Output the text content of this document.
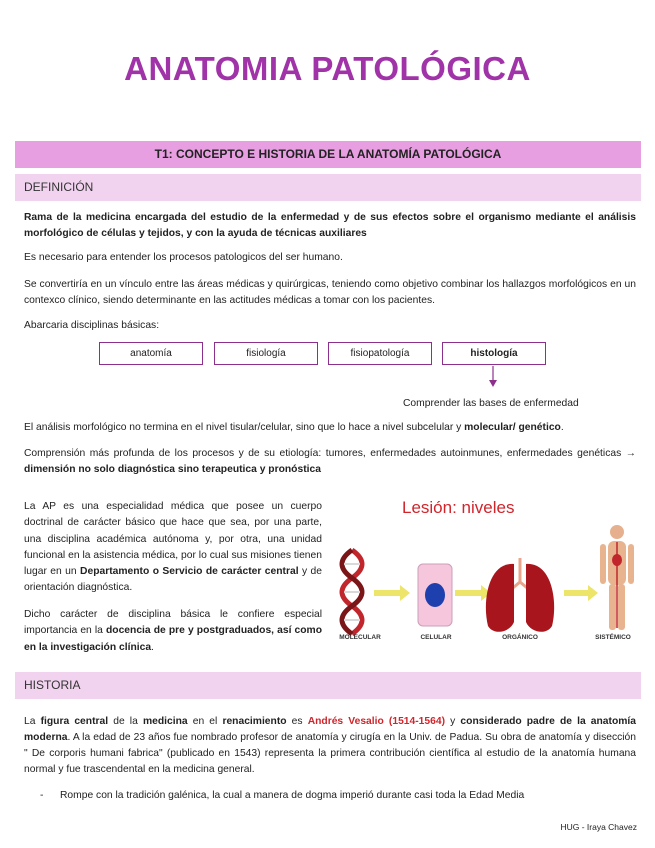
ANATOMIA PATOLÓGICA
T1: CONCEPTO E HISTORIA DE LA ANATOMÍA PATOLÓGICA
DEFINICIÓN

Rama de la medicina encargada del estudio de la enfermedad y de sus efectos sobre el organismo mediante el análisis morfológico de células y tejidos, y con la ayuda de técnicas auxiliares

Es necesario para entender los procesos patologicos del ser humano.

Se convertiría en un vínculo entre las áreas médicas y quirúrgicas, teniendo como objetivo combinar los hallazgos morfológicos en un contexco clínico, siendo determinante en las actitudes médicas a tomar con los pacientes.

Abarcaria disciplinas básicas:

anatomía	fisiología	fisiopatología	histología
Comprender las bases de enfermedad

El análisis morfológico no termina en el nivel tisular/celular, sino que lo hace a nivel subcelular y molecular/ genético.

Comprensión más profunda de los procesos y de su etiología: tumores, enfermedades autoinmunes, enfermedades genéticas → dimensión no solo diagnóstica sino terapeutica y pronóstica

La AP es una especialidad médica que posee un cuerpo doctrinal de carácter básico que hace que sea, por una parte, una disciplina académica autónoma y, por otra, una unidad funcional en la asistencia médica, por lo cual sus misiones tienen lugar en un Departamento o Servicio de carácter central y de orientación diagnóstica.

Dicho carácter de disciplina básica le confiere especial importancia en la docencia de pre y postgraduados, así como en la investigación clínica.

Lesión: niveles
MOLECULAR	CELULAR	ORGÁNICO	SISTÉMICO
HISTORIA

La figura central de la medicina en el renacimiento es Andrés Vesalio (1514-1564) y considerado padre de la anatomía moderna. A la edad de 23 años fue nombrado profesor de anatomía y cirugía en la Univ. de Padua. Su obra de anatomía y disección " De corporis humani fabrica" (publicado en 1543) representa la primera contribución científica al estudio de la anatomía humana normal y fue trascendental en la medicina general.

- Rompe con la tradición galénica, la cual a manera de dogma imperió durante casi toda la Edad Media
HUG - Iraya Chavez
